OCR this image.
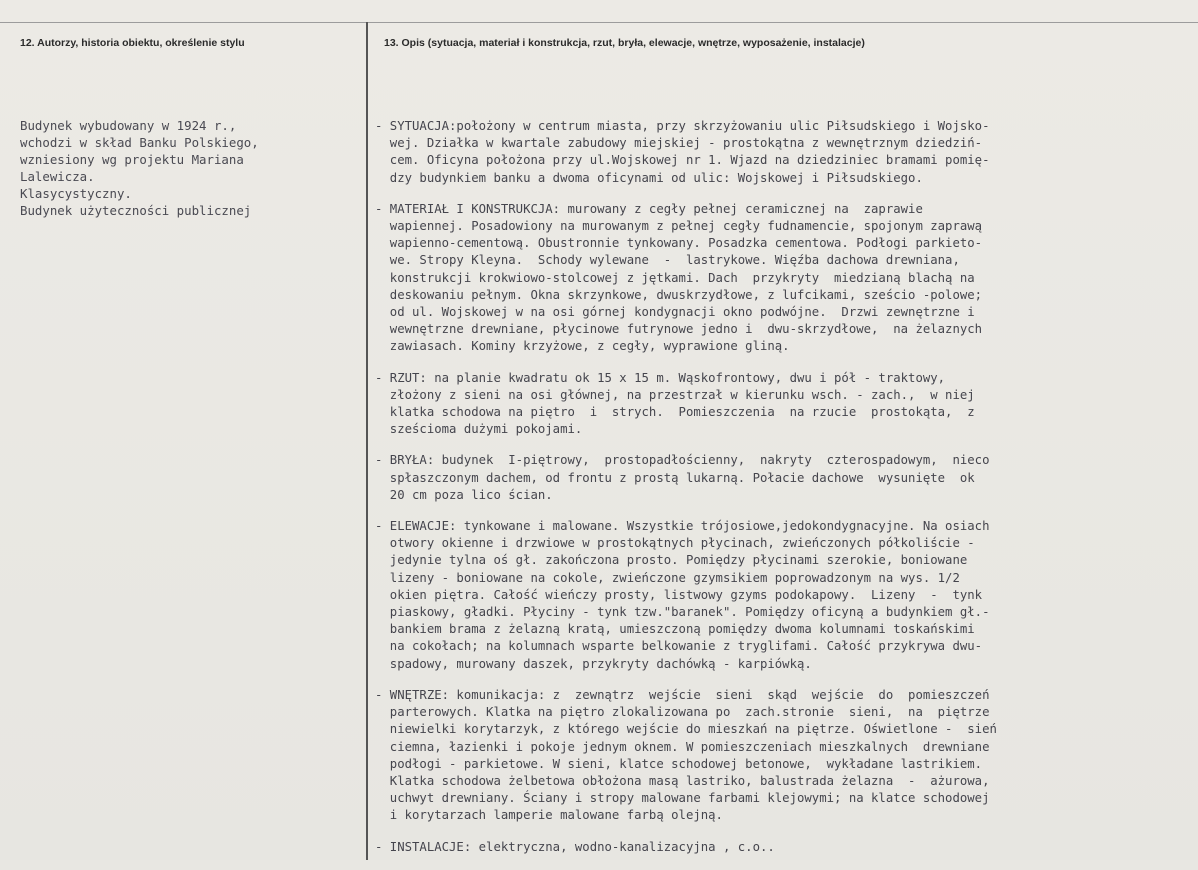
12. Autorzy, historia obiektu, określenie stylu	13. Opis (sytuacja, materiał i konstrukcja, rzut, bryła, elewacje, wnętrze, wyposażenie, instalacje)
Budynek wybudowany w 1924 r.,
wchodzi w skład Banku Polskiego,
wzniesiony wg projektu Mariana
Lalewicza.
Klasycystyczny.
Budynek użyteczności publicznej
- SYTUACJA:położony w centrum miasta, przy skrzyżowaniu ulic Piłsudskiego i Wojsko-
wej. Działka w kwartale zabudowy miejskiej - prostokątna z wewnętrznym dziedziń-
cem. Oficyna położona przy ul.Wojskowej nr 1. Wjazd na dziedziniec bramami pomię-
dzy budynkiem banku a dwoma oficynami od ulic: Wojskowej i Piłsudskiego.
- MATERIAŁ I KONSTRUKCJA: murowany z cegły pełnej ceramicznej na  zaprawie
wapiennej. Posadowiony na murowanym z pełnej cegły fudnamencie, spojonym zaprawą
wapienno-cementową. Obustronnie tynkowany. Posadzka cementowa. Podłogi parkieto-
we. Stropy Kleyna.  Schody wylewane  -  lastrykowe. Więźba dachowa drewniana,
konstrukcji krokwiowo-stolcowej z jętkami. Dach  przykryty  miedzianą blachą na
deskowaniu pełnym. Okna skrzynkowe, dwuskrzydłowe, z lufcikami, sześcio -polowe;
od ul. Wojskowej w na osi górnej kondygnacji okno podwójne.  Drzwi zewnętrzne i
wewnętrzne drewniane, płycinowe futrynowe jedno i  dwu-skrzydłowe,  na żelaznych
zawiasach. Kominy krzyżowe, z cegły, wyprawione gliną.
- RZUT: na planie kwadratu ok 15 x 15 m. Wąskofrontowy, dwu i pół - traktowy,
złożony z sieni na osi głównej, na przestrzał w kierunku wsch. - zach.,  w niej
klatka schodowa na piętro  i  strych.  Pomieszczenia  na rzucie  prostokąta,  z
sześcioma dużymi pokojami.
- BRYŁA: budynek  I-piętrowy,  prostopadłościenny,  nakryty  czterospadowym,  nieco
spłaszczonym dachem, od frontu z prostą lukarną. Połacie dachowe  wysunięte  ok
20 cm poza lico ścian.
- ELEWACJE: tynkowane i malowane. Wszystkie trójosiowe,jedokondygnacyjne. Na osiach
otwory okienne i drzwiowe w prostokątnych płycinach, zwieńczonych półkoliście -
jedynie tylna oś gł. zakończona prosto. Pomiędzy płycinami szerokie, boniowane
lizeny - boniowane na cokole, zwieńczone gzymsikiem poprowadzonym na wys. 1/2
okien piętra. Całość wieńczy prosty, listwowy gzyms podokapowy.  Lizeny  -  tynk
piaskowy, gładki. Płyciny - tynk tzw."baranek". Pomiędzy oficyną a budynkiem gł.-
bankiem brama z żelazną kratą, umieszczoną pomiędzy dwoma kolumnami toskańskimi
na cokołach; na kolumnach wsparte belkowanie z tryglifami. Całość przykrywa dwu-
spadowy, murowany daszek, przykryty dachówką - karpiówką.
- WNĘTRZE: komunikacja: z  zewnątrz  wejście  sieni  skąd  wejście  do  pomieszczeń
parterowych. Klatka na piętro zlokalizowana po  zach.stronie  sieni,  na  piętrze
niewielki korytarzyk, z którego wejście do mieszkań na piętrze. Oświetlone -  sień
ciemna, łazienki i pokoje jednym oknem. W pomieszczeniach mieszkalnych  drewniane
podłogi - parkietowe. W sieni, klatce schodowej betonowe,  wykładane lastrikiem.
Klatka schodowa żelbetowa obłożona masą lastriko, balustrada żelazna  -  ażurowa,
uchwyt drewniany. Ściany i stropy malowane farbami klejowymi; na klatce schodowej
i korytarzach lamperie malowane farbą olejną.
- INSTALACJE: elektryczna, wodno-kanalizacyjna , c.o..
